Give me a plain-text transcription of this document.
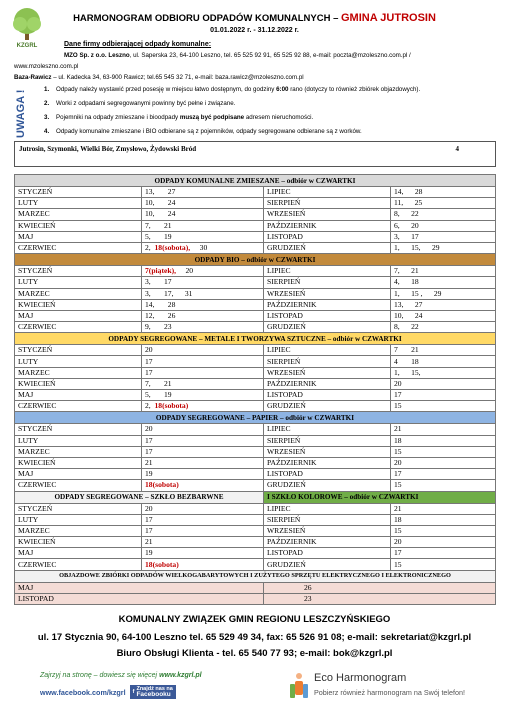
KZGRL
HARMONOGRAM ODBIORU ODPADÓW KOMUNALNYCH – GMINA JUTROSIN
01.01.2022 r. - 31.12.2022 r.
Dane firmy odbierającej odpady komunalne:
MZO Sp. z o.o. Leszno, ul. Saperska 23, 64-100 Leszno, tel. 65 525 92 91, 65 525 92 88, e-mail: poczta@mzoleszno.com.pl /
www.mzoleszno.com.pl
Baza-Rawicz – ul. Kadecka 34, 63-900 Rawicz; tel.65 545 32 71, e-mail: baza.rawicz@mzoleszno.com.pl
UWAGA !
1.	Odpady należy wystawić przed posesję w miejscu łatwo dostępnym, do godziny 6:00 rano (dotyczy to również zbiórek objazdowych).
2.	Worki z odpadami segregowanymi powinny być pełne i związane.
3.	Pojemniki na odpady zmieszane i bioodpady muszą być podpisane adresem nieruchomości.
4.	Odpady komunalne zmieszane i BIO odbierane są z pojemników, odpady segregowane odbierane są z worków.
Jutrosin, Szymonki, Wielki Bór, Zmysłowo, Żydowski Bród	4

ODPADY KOMUNALNE ZMIESZANE – odbiór w CZWARTKI			
STYCZEŃ	13,       27	LIPIEC	14,      28
LUTY	10,       24	SIERPIEŃ	11,      25
MARZEC	10,       24	WRZESIEŃ	8,      22
KWIECIEŃ	7,       21	PAŹDZIERNIK	6,      20
MAJ	5,       19	LISTOPAD	3,      17
CZERWIEC	2,  18(sobota),     30	GRUDZIEŃ	1,      15,      29
ODPADY BIO – odbiór w CZWARTKI			
STYCZEŃ	7(piątek),     20	LIPIEC	7,      21
LUTY	3,       17	SIERPIEŃ	4,      18
MARZEC	3,       17,      31	WRZESIEŃ	1,      15 ,      29
KWIECIEŃ	14,       28	PAŹDZIERNIK	13,      27
MAJ	12,       26	LISTOPAD	10,      24
CZERWIEC	9,       23	GRUDZIEŃ	8,      22
ODPADY SEGREGOWANE – METALE I TWORZYWA SZTUCZNE – odbiór w CZWARTKI			
STYCZEŃ	20	LIPIEC	7       21
LUTY	17	SIERPIEŃ	4       18
MARZEC	17	WRZESIEŃ	1,      15,
KWIECIEŃ	7,       21	PAŹDZIERNIK	20
MAJ	5,       19	LISTOPAD	17
CZERWIEC	2,  18(sobota)	GRUDZIEŃ	15
ODPADY SEGREGOWANE – PAPIER – odbiór w CZWARTKI			
STYCZEŃ	20	LIPIEC	21
LUTY	17	SIERPIEŃ	18
MARZEC	17	WRZESIEŃ	15
KWIECIEŃ	21	PAŹDZIERNIK	20
MAJ	19	LISTOPAD	17
CZERWIEC	18(sobota)	GRUDZIEŃ	15
ODPADY SEGREGOWANE – SZKŁO BEZBARWNE		I SZKŁO KOLOROWE – odbiór w CZWARTKI	
STYCZEŃ	20	LIPIEC	21
LUTY	17	SIERPIEŃ	18
MARZEC	17	WRZESIEŃ	15
KWIECIEŃ	21	PAŹDZIERNIK	20
MAJ	19	LISTOPAD	17
CZERWIEC	18(sobota)	GRUDZIEŃ	15
OBJAZDOWE ZBIÓRKI ODPADÓW WIELKOGABARYTOWYCH I ZUŻYTEGO SPRZĘTU ELEKTRYCZNEGO I ELEKTRONICZNEGO			
MAJ		26	
LISTOPAD		23	
KOMUNALNY ZWIĄZEK GMIN REGIONU LESZCZYŃSKIEGO
ul. 17 Stycznia 90, 64-100 Leszno tel. 65 529 49 34, fax: 65 526 91 08; e-mail: sekretariat@kzgrl.pl
Biuro Obsługi Klienta - tel. 65 540 77 93; e-mail: bok@kzgrl.pl
Zajrzyj na stronę – dowiesz się więcej www.kzgrl.pl
www.facebook.com/kzgrl f Znajdź nas na
Facebooku
Eco Harmonogram
Pobierz również harmonogram na Swój telefon!
